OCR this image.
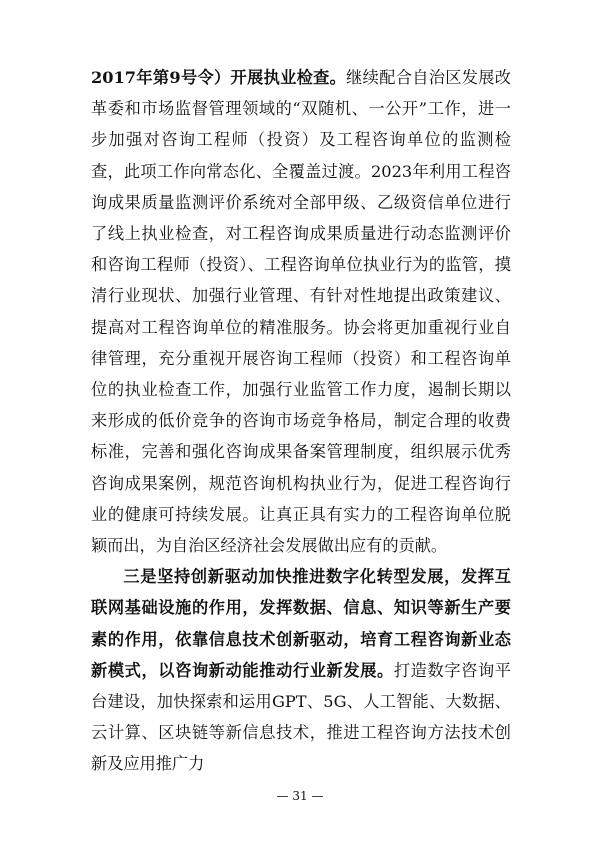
2017年第9号令）开展执业检查。继续配合自治区发展改革委和市场监督管理领域的“双随机、一公开”工作，进一步加强对咨询工程师（投资）及工程咨询单位的监测检查，此项工作向常态化、全覆盖过渡。2023年利用工程咨询成果质量监测评价系统对全部甲级、乙级资信单位进行了线上执业检查，对工程咨询成果质量进行动态监测评价和咨询工程师（投资）、工程咨询单位执业行为的监管，摸清行业现状、加强行业管理、有针对性地提出政策建议、提高对工程咨询单位的精准服务。协会将更加重视行业自律管理，充分重视开展咨询工程师（投资）和工程咨询单位的执业检查工作，加强行业监管工作力度，遏制长期以来形成的低价竞争的咨询市场竞争格局，制定合理的收费标准，完善和强化咨询成果备案管理制度，组织展示优秀咨询成果案例，规范咨询机构执业行为，促进工程咨询行业的健康可持续发展。让真正具有实力的工程咨询单位脱颖而出，为自治区经济社会发展做出应有的贡献。

三是坚持创新驱动加快推进数字化转型发展，发挥互联网基础设施的作用，发挥数据、信息、知识等新生产要素的作用，依靠信息技术创新驱动，培育工程咨询新业态新模式，以咨询新动能推动行业新发展。打造数字咨询平台建设，加快探索和运用GPT、5G、人工智能、大数据、云计算、区块链等新信息技术，推进工程咨询方法技术创新及应用推广力

— 31 —
